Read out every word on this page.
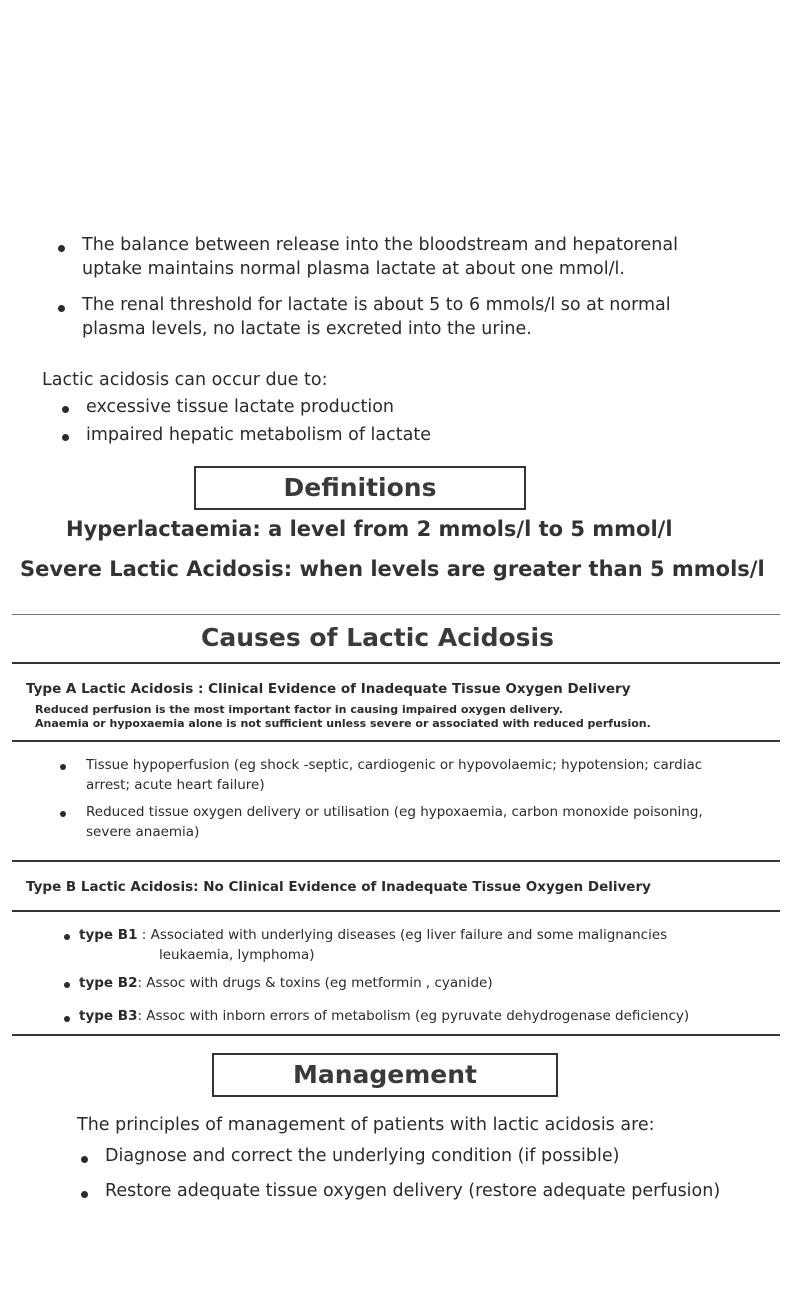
The balance between release into the bloodstream and hepatorenal
uptake maintains normal plasma lactate at about one mmol/l.
The renal threshold for lactate is about 5 to 6 mmols/l so at normal
plasma levels, no lactate is excreted into the urine.
Lactic acidosis can occur due to:
excessive tissue lactate production
impaired hepatic metabolism of lactate
Definitions
Hyperlactaemia: a level from 2 mmols/l to 5 mmol/l
Severe Lactic Acidosis: when levels are greater than 5 mmols/l
Causes of Lactic Acidosis
Type A Lactic Acidosis : Clinical Evidence of Inadequate Tissue Oxygen Delivery
Reduced perfusion is the most important factor in causing impaired oxygen delivery.
Anaemia or hypoxaemia alone is not sufficient unless severe or associated with reduced perfusion.
Tissue hypoperfusion (eg shock -septic, cardiogenic or hypovolaemic; hypotension; cardiac
arrest; acute heart failure)
Reduced tissue oxygen delivery or utilisation (eg hypoxaemia, carbon monoxide poisoning,
severe anaemia)
Type B Lactic Acidosis: No Clinical Evidence of Inadequate Tissue Oxygen Delivery
type B1 : Associated with underlying diseases (eg liver failure and some malignancies
leukaemia, lymphoma)
type B2: Assoc with drugs & toxins (eg metformin , cyanide)
type B3: Assoc with inborn errors of metabolism (eg pyruvate dehydrogenase deficiency)
Management
The principles of management of patients with lactic acidosis are:
Diagnose and correct the underlying condition (if possible)
Restore adequate tissue oxygen delivery (restore adequate perfusion)
